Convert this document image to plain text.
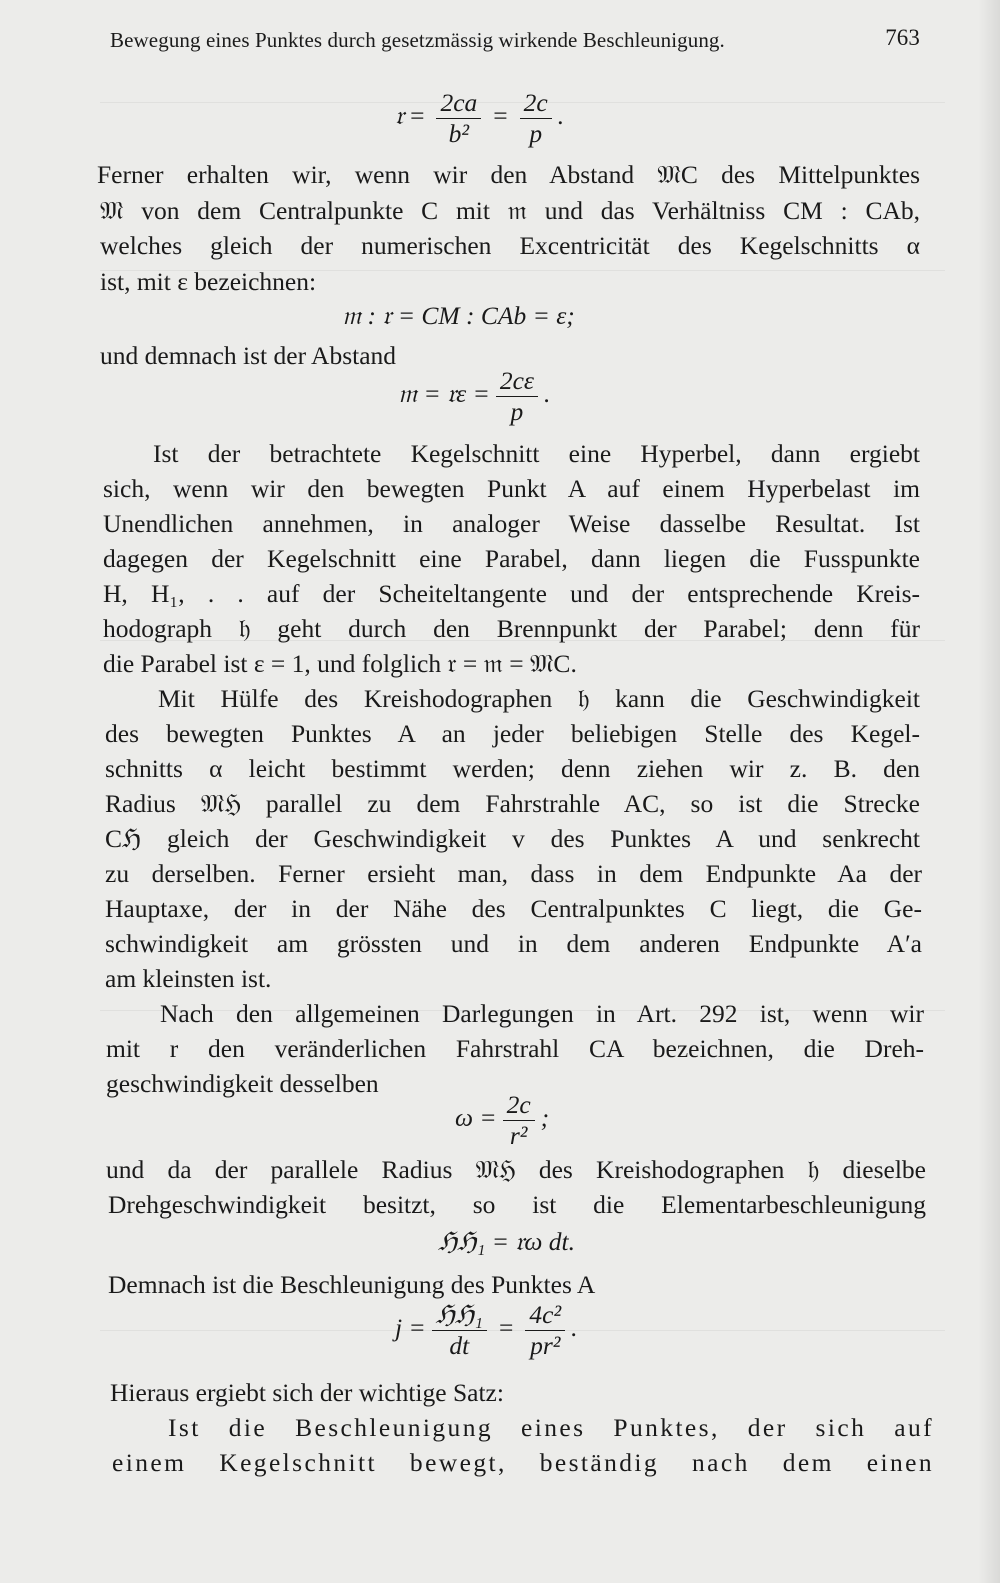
Bewegung eines Punktes durch gesetzmässig wirkende Beschleunigung.	763
𝔯 = $\frac{2ca}{\text{b²}} = \frac{2c}{p}$ .
Ferner erhalten wir, wenn wir den Abstand 𝔐C des Mittelpunktes
𝔐 von dem Centralpunkte C mit 𝔪 und das Verhältniss CM : CAb,
welches gleich der numerischen Excentricität des Kegelschnitts α
ist, mit ε bezeichnen:
𝔪 : 𝔯 = CM : CAb = ε;
und demnach ist der Abstand
𝔪 = 𝔯ε = $\frac{2c\varepsilon}{p}$ .
Ist der betrachtete Kegelschnitt eine Hyperbel, dann ergiebt
sich, wenn wir den bewegten Punkt A auf einem Hyperbelast im
Unendlichen annehmen, in analoger Weise dasselbe Resultat. Ist
dagegen der Kegelschnitt eine Parabel, dann liegen die Fusspunkte
H, H₁, . . auf der Scheiteltangente und der entsprechende Kreis-
hodograph 𝔥 geht durch den Brennpunkt der Parabel; denn für
die Parabel ist ε = 1, und folglich 𝔯 = 𝔪 = 𝔐C.
Mit Hülfe des Kreishodographen 𝔥 kann die Geschwindigkeit
des bewegten Punktes A an jeder beliebigen Stelle des Kegel-
schnitts α leicht bestimmt werden; denn ziehen wir z. B. den
Radius 𝔐ℌ parallel zu dem Fahrstrahle AC, so ist die Strecke
Cℌ gleich der Geschwindigkeit v des Punktes A und senkrecht
zu derselben. Ferner ersieht man, dass in dem Endpunkte Aa der
Hauptaxe, der in der Nähe des Centralpunktes C liegt, die Ge-
schwindigkeit am grössten und in dem anderen Endpunkte A′a
am kleinsten ist.
Nach den allgemeinen Darlegungen in Art. 292 ist, wenn wir
mit r den veränderlichen Fahrstrahl CA bezeichnen, die Dreh-
geschwindigkeit desselben
$\omega = \frac{2c}{\text{r²}}$ ;
und da der parallele Radius 𝔐ℌ des Kreishodographen 𝔥 dieselbe
Drehgeschwindigkeit besitzt, so ist die Elementarbeschleunigung
ℌℌ₁ = 𝔯ω dt.
Demnach ist die Beschleunigung des Punktes A
$j = \frac{\text{ℌℌ₁}}{dt} = \frac{\text{4c²}}{\text{pr²}}$ .
Hieraus ergiebt sich der wichtige Satz:
Ist die Beschleunigung eines Punktes, der sich auf
einem Kegelschnitt bewegt, beständig nach dem einen
